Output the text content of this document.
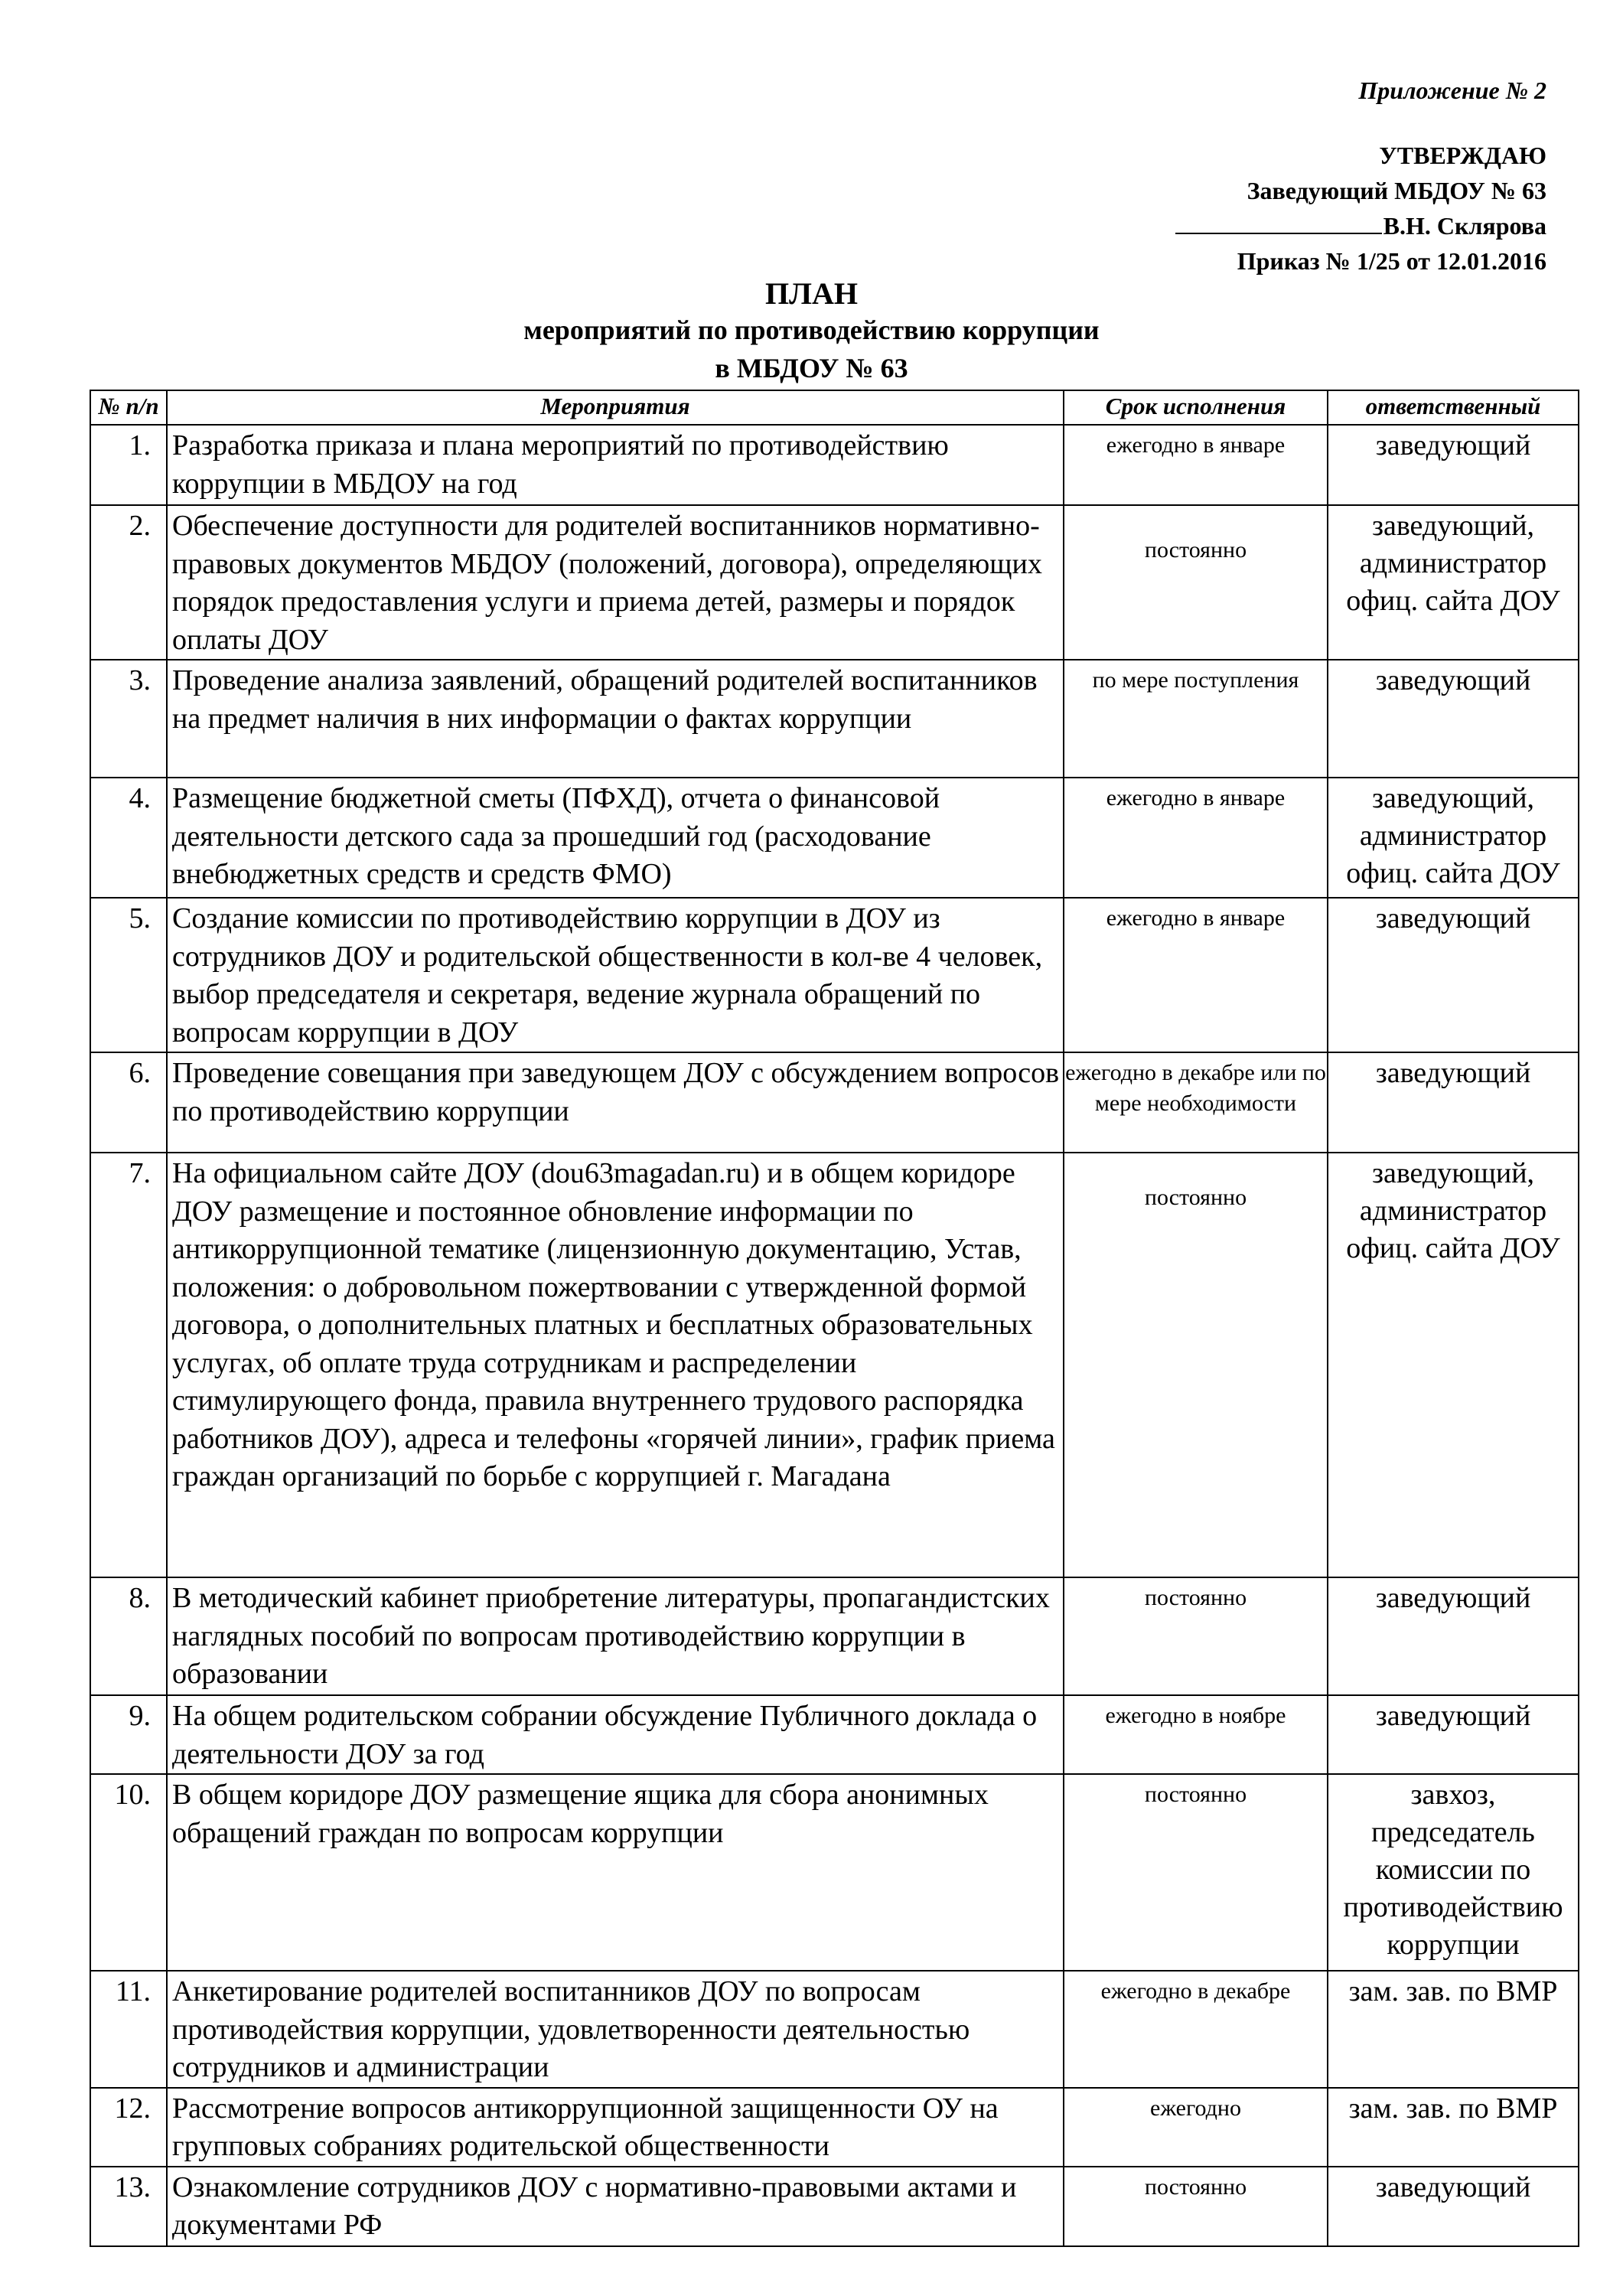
Приложение № 2
УТВЕРЖДАЮ
Заведующий МБДОУ № 63
В.Н. Склярова
Приказ № 1/25 от 12.01.2016
ПЛАН
мероприятий по противодействию коррупции
в МБДОУ № 63
№ п/п	Мероприятия	Срок исполнения	ответственный
1.	Разработка приказа и плана мероприятий по противодействию коррупции в МБДОУ на год	ежегодно в январе	заведующий
2.	Обеспечение доступности для родителей воспитанников нормативно-правовых документов МБДОУ (положений, договора), определяющих порядок предоставления услуги и приема детей, размеры и порядок оплаты ДОУ	постоянно	заведующий, администратор офиц. сайта ДОУ
3.	Проведение анализа заявлений, обращений родителей воспитанников на предмет наличия в них информации о фактах коррупции	по мере поступления	заведующий
4.	Размещение бюджетной сметы (ПФХД), отчета о финансовой деятельности детского сада за прошедший год (расходование внебюджетных средств и средств ФМО)	ежегодно в январе	заведующий, администратор офиц. сайта ДОУ
5.	Создание комиссии по противодействию коррупции в ДОУ из сотрудников ДОУ и родительской общественности в кол-ве 4 человек, выбор председателя и секретаря, ведение журнала обращений по вопросам коррупции в ДОУ	ежегодно в январе	заведующий
6.	Проведение совещания при заведующем ДОУ с обсуждением вопросов по противодействию коррупции	ежегодно в декабре или по мере необходимости	заведующий
7.	На официальном сайте ДОУ (dou63magadan.ru) и в общем коридоре ДОУ размещение и постоянное обновление информации по антикоррупционной тематике (лицензионную документацию, Устав, положения: о добровольном пожертвовании с утвержденной формой договора, о дополнительных платных и бесплатных образовательных услугах, об оплате труда сотрудникам и распределении стимулирующего фонда, правила внутреннего трудового распорядка работников ДОУ), адреса и телефоны «горячей линии», график приема граждан организаций по борьбе с коррупцией г. Магадана	постоянно	заведующий, администратор офиц. сайта ДОУ
8.	В методический кабинет приобретение литературы, пропагандистских наглядных пособий по вопросам противодействию коррупции в образовании	постоянно	заведующий
9.	На общем родительском собрании обсуждение Публичного доклада о деятельности ДОУ за год	ежегодно в ноябре	заведующий
10.	В общем коридоре ДОУ размещение ящика для сбора анонимных обращений граждан по вопросам коррупции	постоянно	завхоз, председатель комиссии по противодействию коррупции
11.	Анкетирование родителей воспитанников ДОУ по вопросам противодействия коррупции, удовлетворенности деятельностью сотрудников и администрации	ежегодно в декабре	зам. зав. по ВМР
12.	Рассмотрение вопросов антикоррупционной защищенности ОУ на групповых собраниях родительской общественности	ежегодно	зам. зав. по ВМР
13.	Ознакомление сотрудников ДОУ с нормативно-правовыми актами и документами РФ	постоянно	заведующий
